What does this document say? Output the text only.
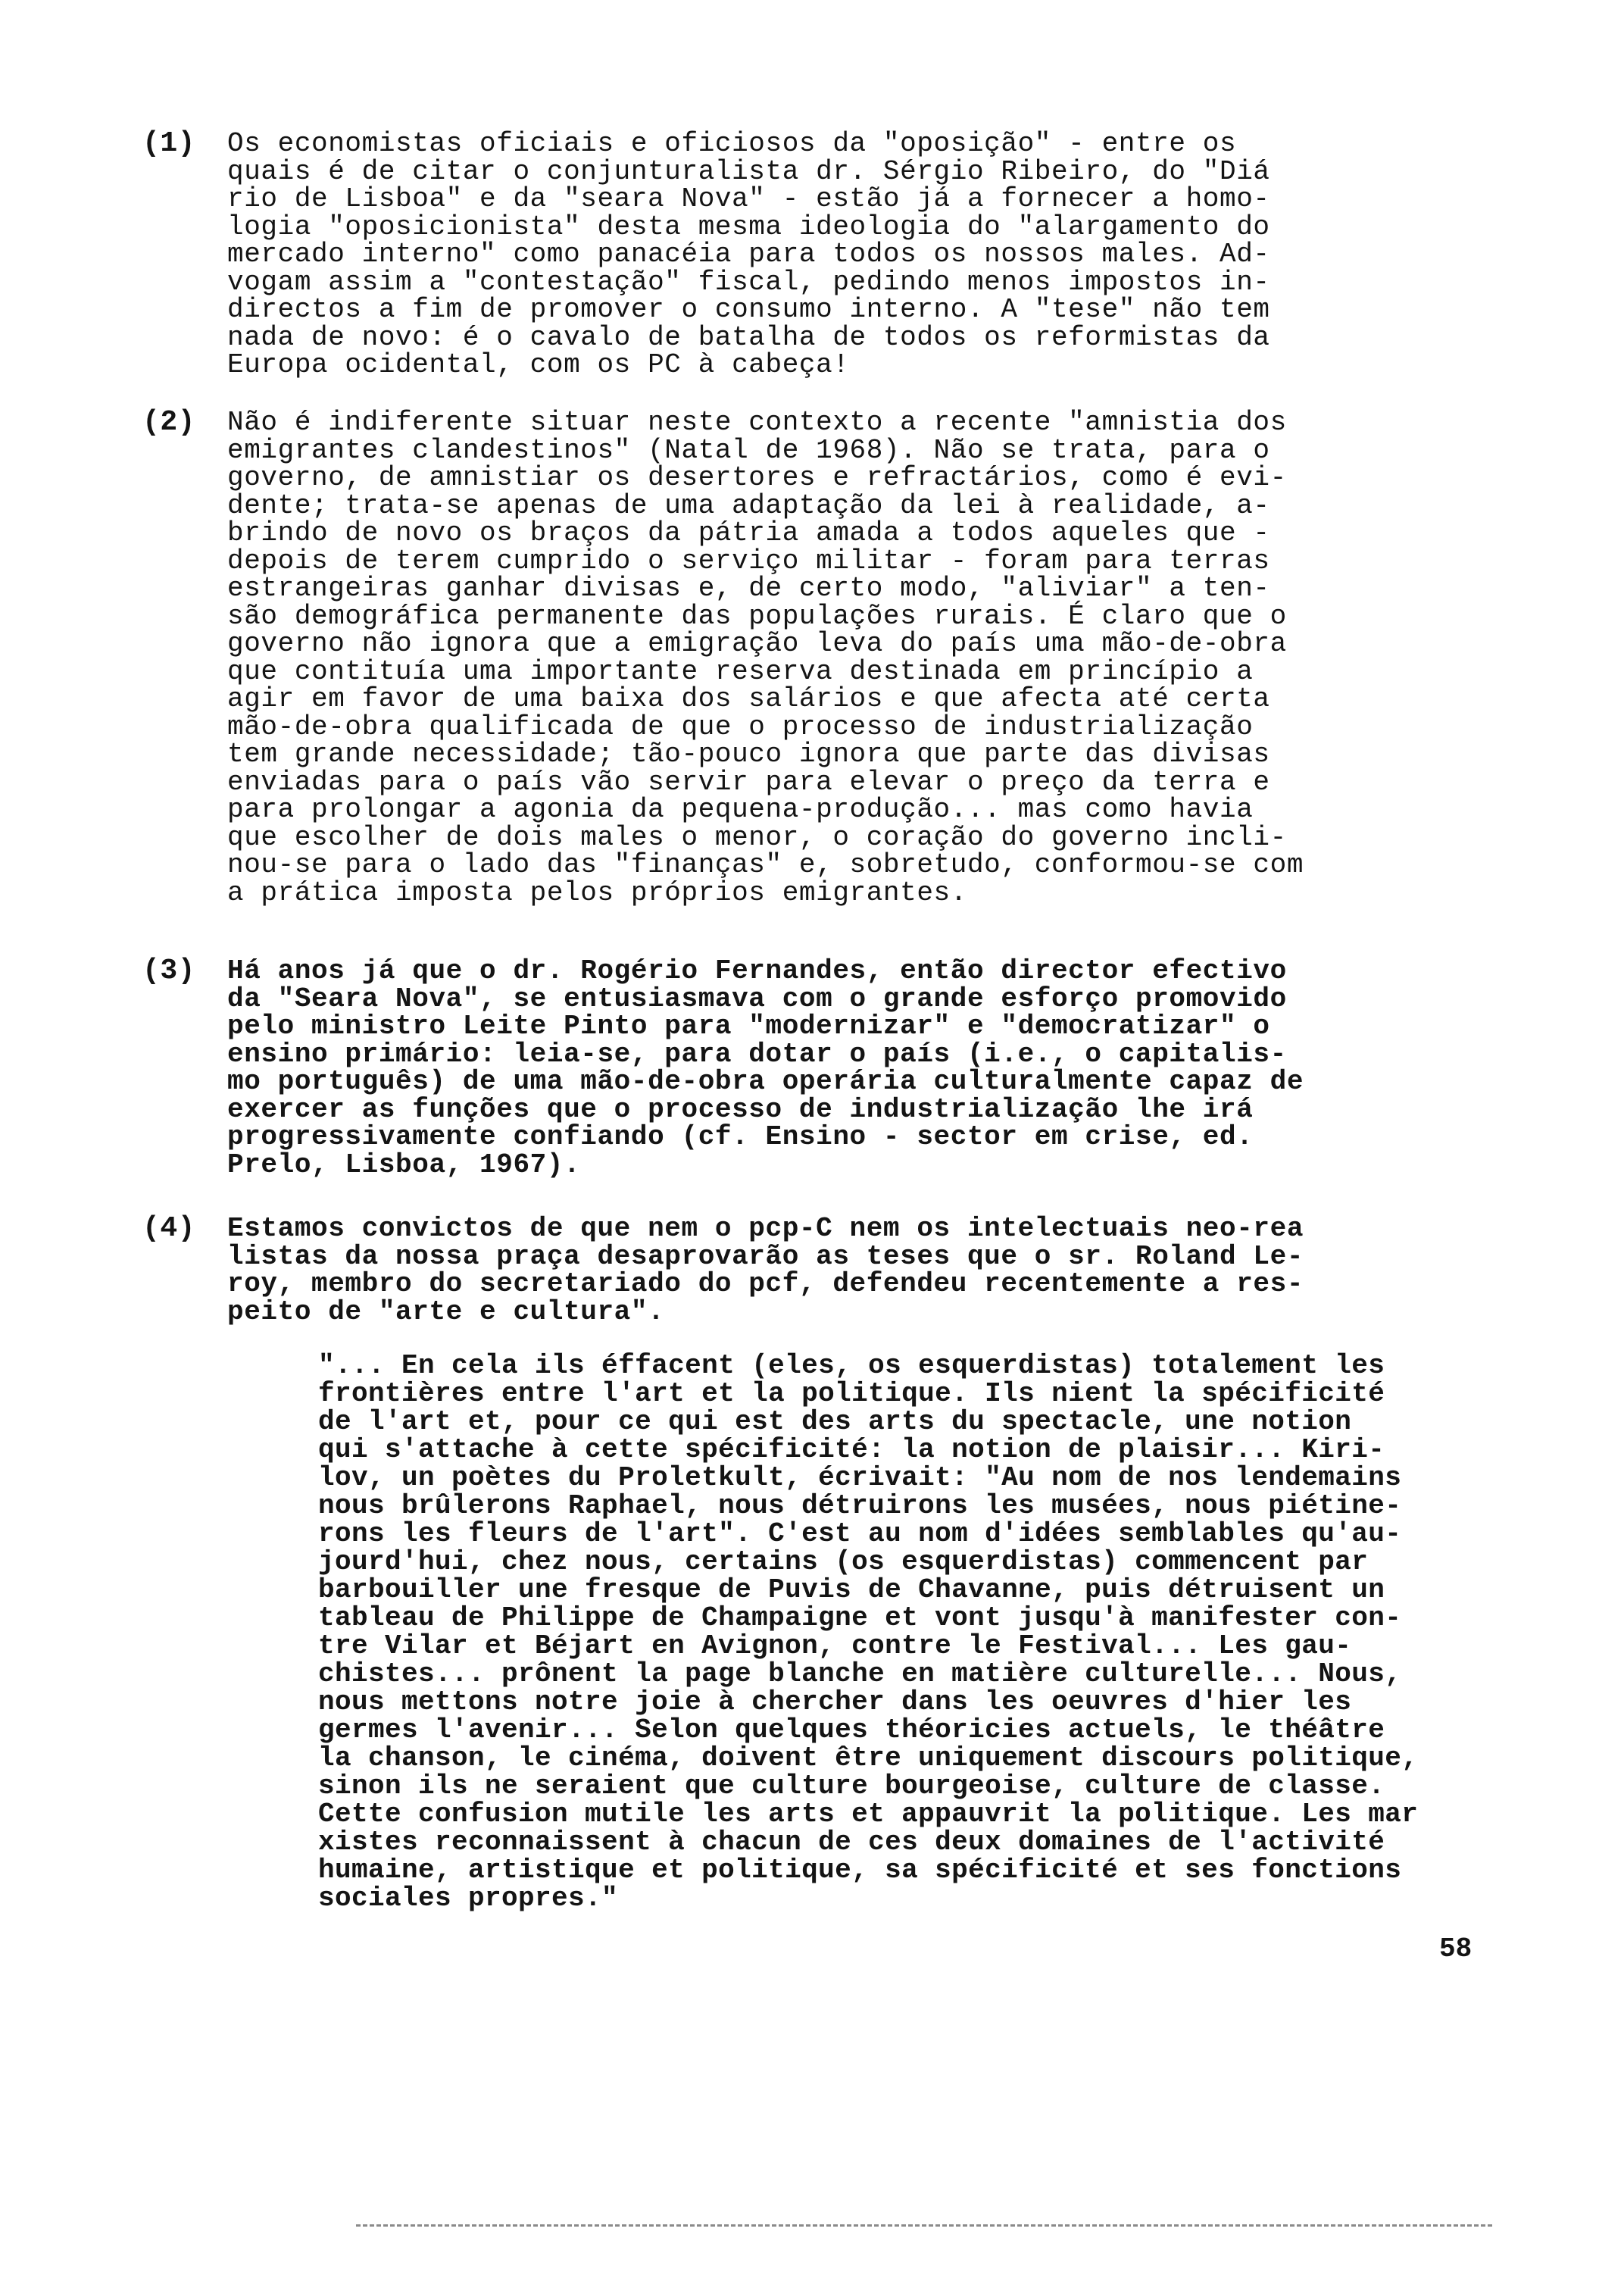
(1) Os economistas oficiais e oficiosos da "oposição" - entre os

quais é de citar o conjunturalista dr. Sérgio Ribeiro, do "Diá

rio de Lisboa" e da "seara Nova" - estão já a fornecer a homo-

logia "oposicionista" desta mesma ideologia do "alargamento do

mercado interno" como panacéia para todos os nossos males. Ad-

vogam assim a "contestação" fiscal, pedindo menos impostos in-

directos a fim de promover o consumo interno. A "tese" não tem

nada de novo: é o cavalo de batalha de todos os reformistas da

Europa ocidental, com os PC à cabeça!

(2) Não é indiferente situar neste contexto a recente "amnistia dos

emigrantes clandestinos" (Natal de 1968). Não se trata, para o

governo, de amnistiar os desertores e refractários, como é evi-

dente; trata-se apenas de uma adaptação da lei à realidade, a-

brindo de novo os braços da pátria amada a todos aqueles que -

depois de terem cumprido o serviço militar - foram para terras

estrangeiras ganhar divisas e, de certo modo, "aliviar" a ten-

são demográfica permanente das populações rurais. É claro que o

governo não ignora que a emigração leva do país uma mão-de-obra

que contituía uma importante reserva destinada em princípio a

agir em favor de uma baixa dos salários e que afecta até certa

mão-de-obra qualificada de que o processo de industrialização

tem grande necessidade; tão-pouco ignora que parte das divisas

enviadas para o país vão servir para elevar o preço da terra e

para prolongar a agonia da pequena-produção... mas como havia

que escolher de dois males o menor, o coração do governo incli-

nou-se para o lado das "finanças" e, sobretudo, conformou-se com

a prática imposta pelos próprios emigrantes.

(3) Há anos já que o dr. Rogério Fernandes, então director efectivo

da "Seara Nova", se entusiasmava com o grande esforço promovido

pelo ministro Leite Pinto para "modernizar" e "democratizar" o

ensino primário: leia-se, para dotar o país (i.e., o capitalis-

mo português) de uma mão-de-obra operária culturalmente capaz de

exercer as funções que o processo de industrialização lhe irá

progressivamente confiando (cf. Ensino - sector em crise, ed.

Prelo, Lisboa, 1967).

(4) Estamos convictos de que nem o pcp-C nem os intelectuais neo-rea

listas da nossa praça desaprovarão as teses que o sr. Roland Le-

roy, membro do secretariado do pcf, defendeu recentemente a res-

peito de "arte e cultura".

"... En cela ils éffacent (eles, os esquerdistas) totalement les

frontières entre l'art et la politique. Ils nient la spécificité

de l'art et, pour ce qui est des arts du spectacle, une notion

qui s'attache à cette spécificité: la notion de plaisir... Kiri-

lov, un poètes du Proletkult, écrivait: "Au nom de nos lendemains

nous brûlerons Raphael, nous détruirons les musées, nous piétine-

rons les fleurs de l'art". C'est au nom d'idées semblables qu'au-

jourd'hui, chez nous, certains (os esquerdistas) commencent par

barbouiller une fresque de Puvis de Chavanne, puis détruisent un

tableau de Philippe de Champaigne et vont jusqu'à manifester con-

tre Vilar et Béjart en Avignon, contre le Festival... Les gau-

chistes... prônent la page blanche en matière culturelle... Nous,

nous mettons notre joie à chercher dans les oeuvres d'hier les

germes l'avenir... Selon quelques théoricies actuels, le théâtre

la chanson, le cinéma, doivent être uniquement discours politique,

sinon ils ne seraient que culture bourgeoise, culture de classe.

Cette confusion mutile les arts et appauvrit la politique. Les mar

xistes reconnaissent à chacun de ces deux domaines de l'activité

humaine, artistique et politique, sa spécificité et ses fonctions

sociales propres."

58
